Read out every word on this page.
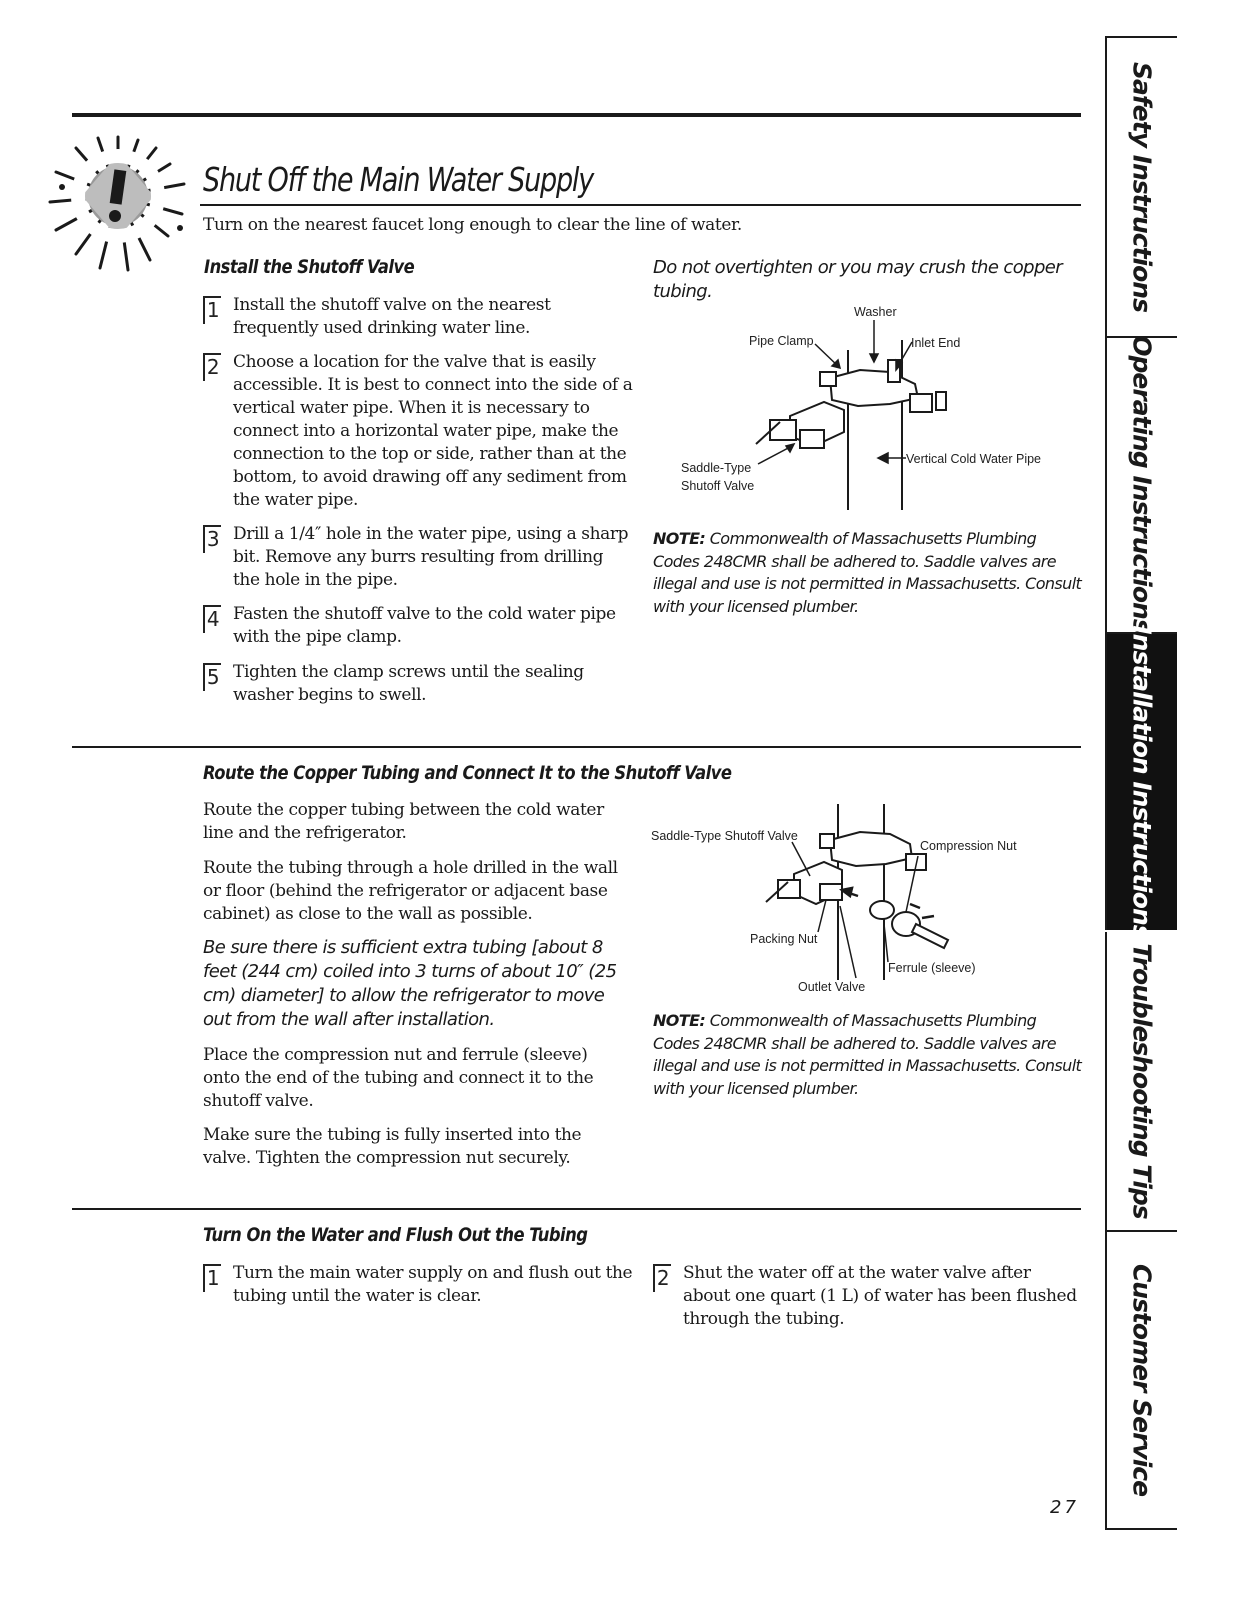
Shut Off the Main Water Supply
Turn on the nearest faucet long enough to clear the line of water.
Install the Shutoff Valve
1 Install the shutoff valve on the nearest frequently used drinking water line.
2 Choose a location for the valve that is easily accessible. It is best to connect into the side of a vertical water pipe. When it is necessary to connect into a horizontal water pipe, make the connection to the top or side, rather than at the bottom, to avoid drawing off any sediment from the water pipe.
3 Drill a 1/4″ hole in the water pipe, using a sharp bit. Remove any burrs resulting from drilling the hole in the pipe.
4 Fasten the shutoff valve to the cold water pipe with the pipe clamp.
5 Tighten the clamp screws until the sealing washer begins to swell.
Do not overtighten or you may crush the copper tubing.
Washer
Pipe Clamp	Inlet End
Saddle-Type
Shutoff Valve
Vertical Cold Water Pipe
NOTE: Commonwealth of Massachusetts Plumbing Codes 248CMR shall be adhered to. Saddle valves are illegal and use is not permitted in Massachusetts. Consult with your licensed plumber.
Route the Copper Tubing and Connect It to the Shutoff Valve
Route the copper tubing between the cold water line and the refrigerator.
Route the tubing through a hole drilled in the wall or floor (behind the refrigerator or adjacent base cabinet) as close to the wall as possible.
Be sure there is sufficient extra tubing [about 8 feet (244 cm) coiled into 3 turns of about 10″ (25 cm) diameter] to allow the refrigerator to move out from the wall after installation.
Place the compression nut and ferrule (sleeve) onto the end of the tubing and connect it to the shutoff valve.
Make sure the tubing is fully inserted into the valve. Tighten the compression nut securely.
Saddle-Type Shutoff Valve
Compression Nut
Packing Nut
Ferrule (sleeve)
Outlet Valve
NOTE: Commonwealth of Massachusetts Plumbing Codes 248CMR shall be adhered to. Saddle valves are illegal and use is not permitted in Massachusetts. Consult with your licensed plumber.
Turn On the Water and Flush Out the Tubing
1 Turn the main water supply on and flush out the tubing until the water is clear.
2 Shut the water off at the water valve after about one quart (1 L) of water has been flushed through the tubing.
27
Safety Instructions
Operating Instructions
Installation Instructions
Troubleshooting Tips
Customer Service
